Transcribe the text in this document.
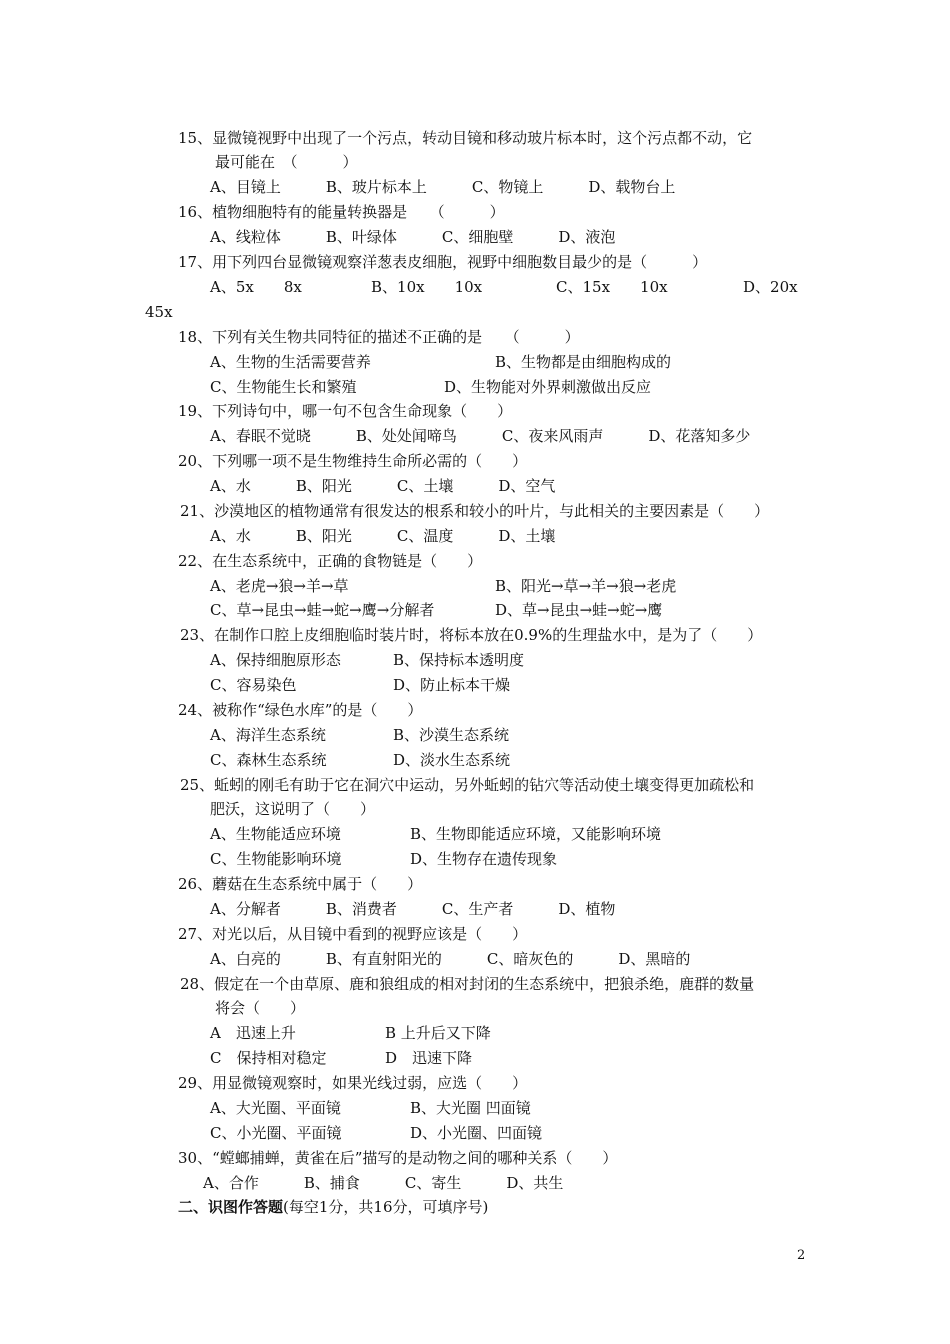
15、显微镜视野中出现了一个污点，转动目镜和移动玻片标本时，这个污点都不动，它
最可能在　（　　　）
A、目镜上　　　B、玻片标本上　　　C、物镜上　　　D、载物台上
16、植物细胞特有的能量转换器是　　（　　　）
A、线粒体　　　B、叶绿体　　　C、细胞壁　　　D、液泡
17、用下列四台显微镜观察洋葱表皮细胞，视野中细胞数目最少的是（　　　）
A、5x　　8x	B、10x　　10x	C、15x　　10x	D、20x
45x
18、下列有关生物共同特征的描述不正确的是　　（　　　）
A、生物的生活需要营养	B、生物都是由细胞构成的
C、生物能生长和繁殖	D、生物能对外界刺激做出反应
19、下列诗句中，哪一句不包含生命现象（　　）
A、春眠不觉晓　　　B、处处闻啼鸟　　　C、夜来风雨声　　　D、花落知多少
20、下列哪一项不是生物维持生命所必需的（　　）
A、水　　　B、阳光　　　C、土壤　　　D、空气
21、沙漠地区的植物通常有很发达的根系和较小的叶片，与此相关的主要因素是（　　）
A、水　　　B、阳光　　　C、温度　　　D、土壤
22、在生态系统中，正确的食物链是（　　）
A、老虎→狼→羊→草	B、阳光→草→羊→狼→老虎
C、草→昆虫→蛙→蛇→鹰→分解者	D、草→昆虫→蛙→蛇→鹰
23、在制作口腔上皮细胞临时装片时，将标本放在0.9%的生理盐水中，是为了（　　）
A、保持细胞原形态	B、保持标本透明度
C、容易染色	D、防止标本干燥
24、被称作“绿色水库”的是（　　）
A、海洋生态系统	B、沙漠生态系统
C、森林生态系统	D、淡水生态系统
25、蚯蚓的刚毛有助于它在洞穴中运动，另外蚯蚓的钻穴等活动使土壤变得更加疏松和
肥沃，这说明了（　　）
A、生物能适应环境	B、生物即能适应环境，又能影响环境
C、生物能影响环境	D、生物存在遗传现象
26、蘑菇在生态系统中属于（　　）
A、分解者　　　B、消费者　　　C、生产者　　　D、植物
27、对光以后，从目镜中看到的视野应该是（　　）
A、白亮的　　　B、有直射阳光的　　　C、暗灰色的　　　D、黑暗的
28、假定在一个由草原、鹿和狼组成的相对封闭的生态系统中，把狼杀绝，鹿群的数量
将会（　　）
A　迅速上升	B 上升后又下降
C　保持相对稳定	D　迅速下降
29、用显微镜观察时，如果光线过弱，应选（　　）
A、大光圈、平面镜	B、大光圈 凹面镜
C、小光圈、平面镜	D、小光圈、凹面镜
30、“螳螂捕蝉，黄雀在后”描写的是动物之间的哪种关系（　　）
A、合作　　　B、捕食　　　C、寄生　　　D、共生
二、识图作答题(每空1分，共16分，可填序号)
2
